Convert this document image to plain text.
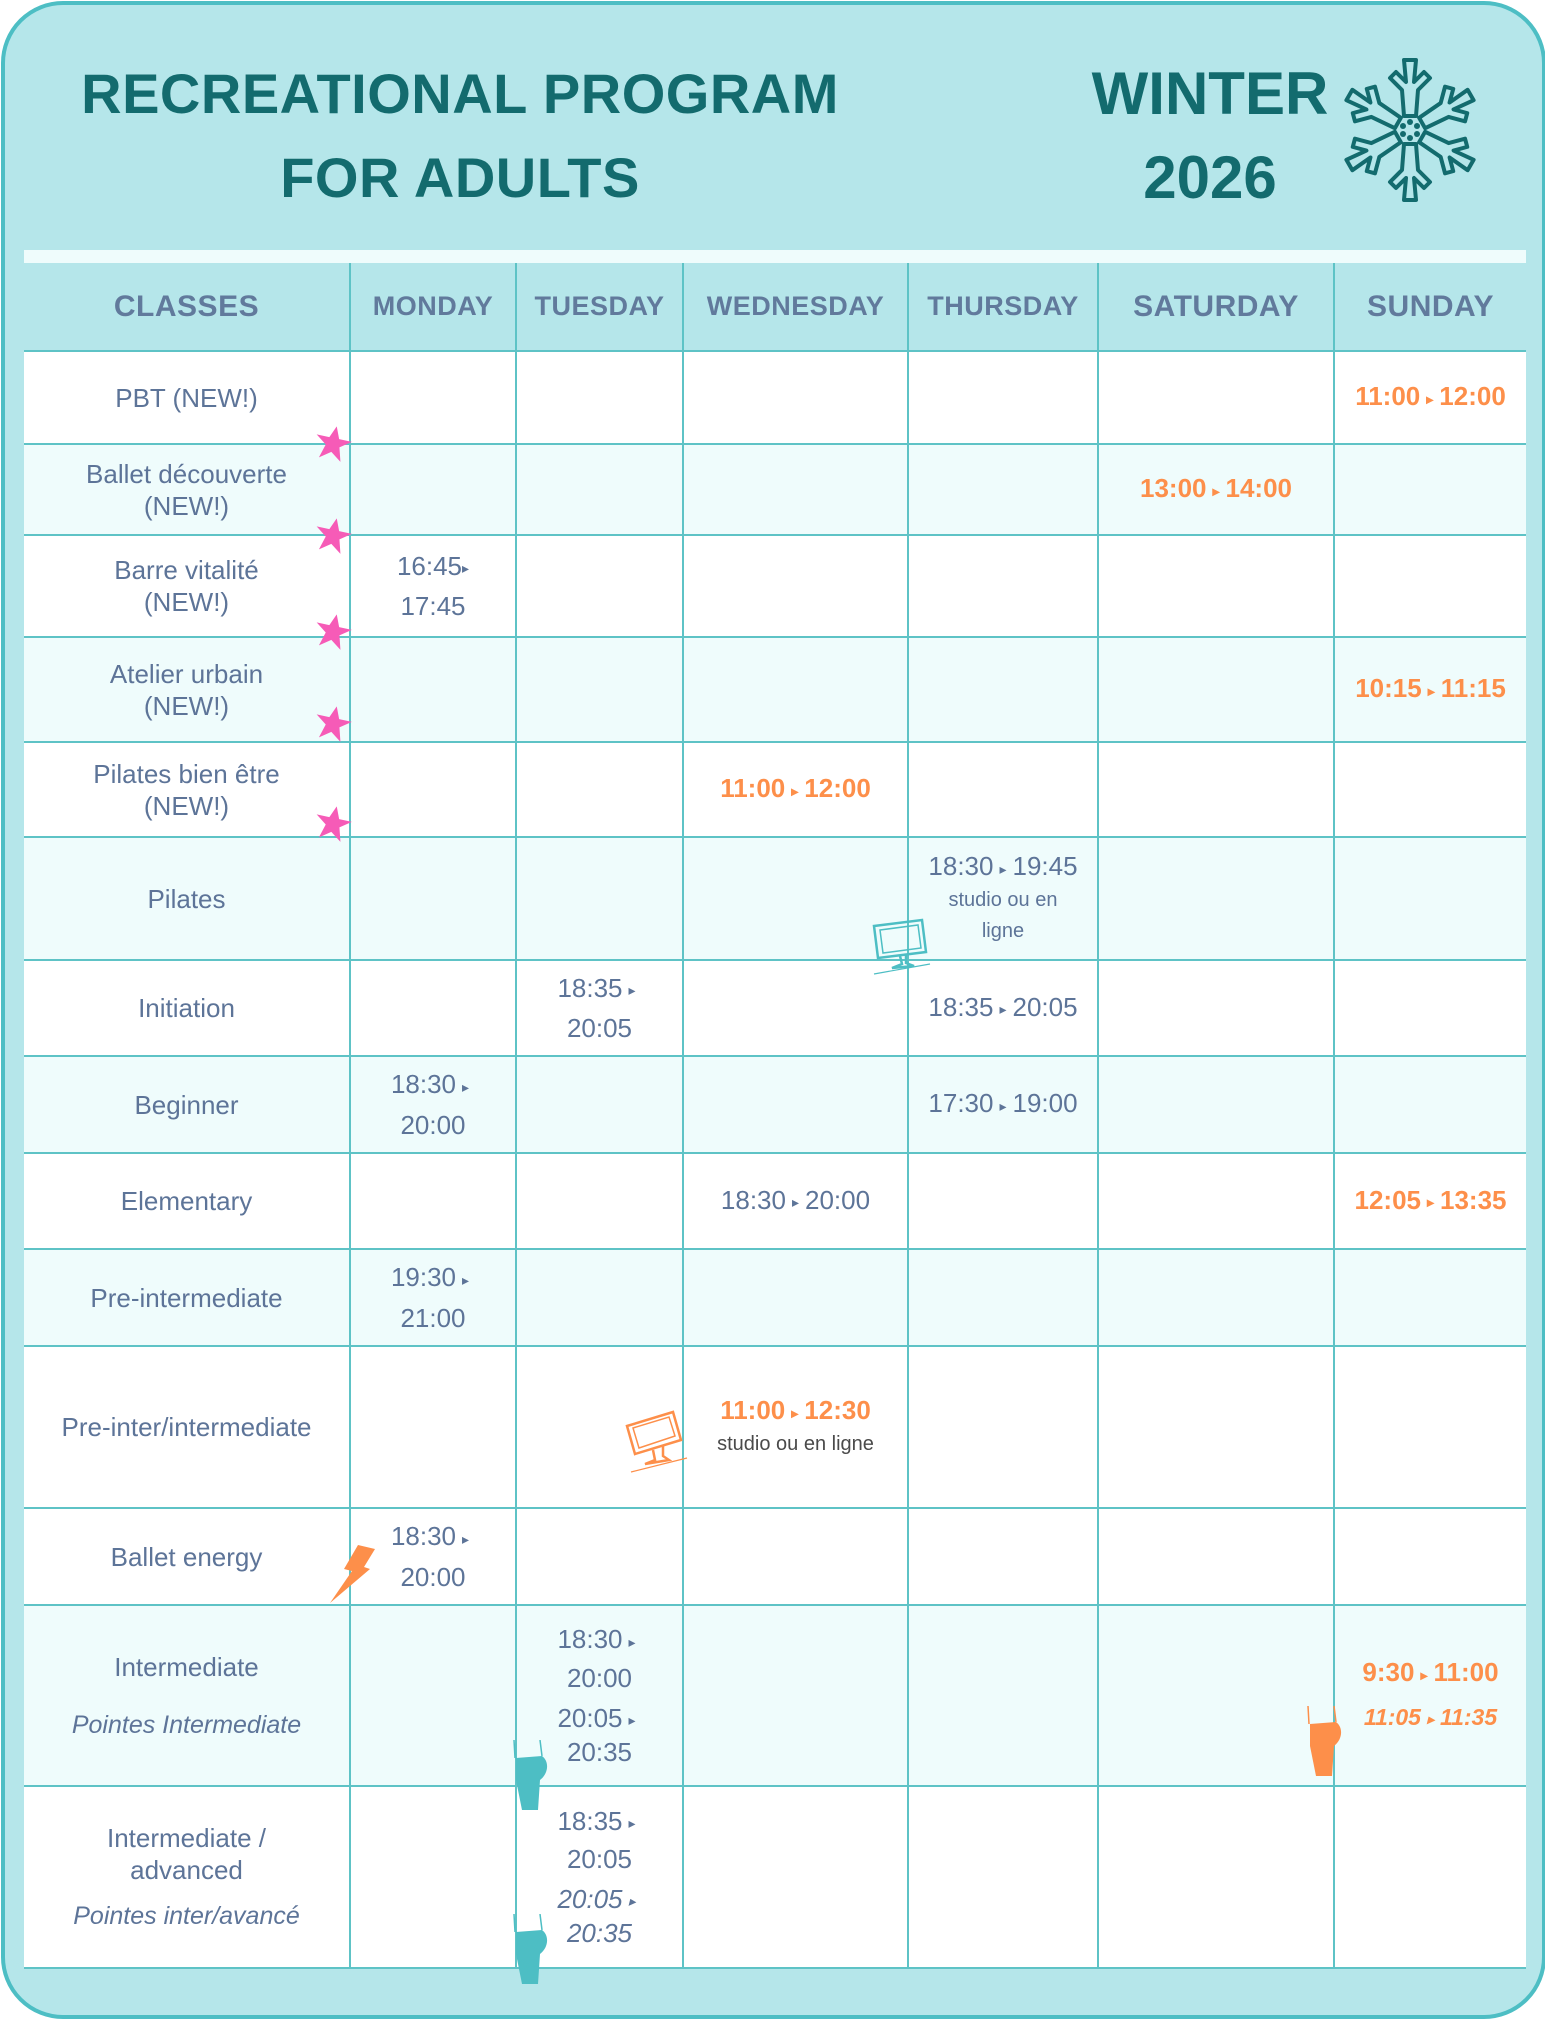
RECREATIONAL PROGRAM
FOR ADULTS
WINTER
2026
CLASSES	MONDAY	TUESDAY	WEDNESDAY	THURSDAY	SATURDAY	SUNDAY
PBT (NEW!)						11:00 ▸ 12:00

Ballet découverte
(NEW!)					13:00 ▸ 14:00	

Barre vitalité
(NEW!)	16:45▸
17:45					

Atelier urbain
(NEW!)						10:15 ▸ 11:15

Pilates bien être
(NEW!)			11:00 ▸ 12:00			
Pilates				18:30 ▸ 19:45
studio ou en ligne		

Initiation		18:35 ▸
20:05		18:35 ▸ 20:05		
Beginner	18:30 ▸
20:00			17:30 ▸ 19:00		
Elementary			18:30 ▸ 20:00			12:05 ▸ 13:35
Pre-intermediate	19:30 ▸
21:00					

Pre-inter/intermediate			11:00 ▸ 12:30
studio ou en ligne			

Ballet energy	18:30 ▸
20:00					

Intermediate
Pointes Intermediate		18:30 ▸
20:00
20:05 ▸
20:35				9:30 ▸ 11:00
11:05 ▸ 11:35

Intermediate /
advanced
Pointes inter/avancé		18:35 ▸
20:05
20:05 ▸
20:35				
